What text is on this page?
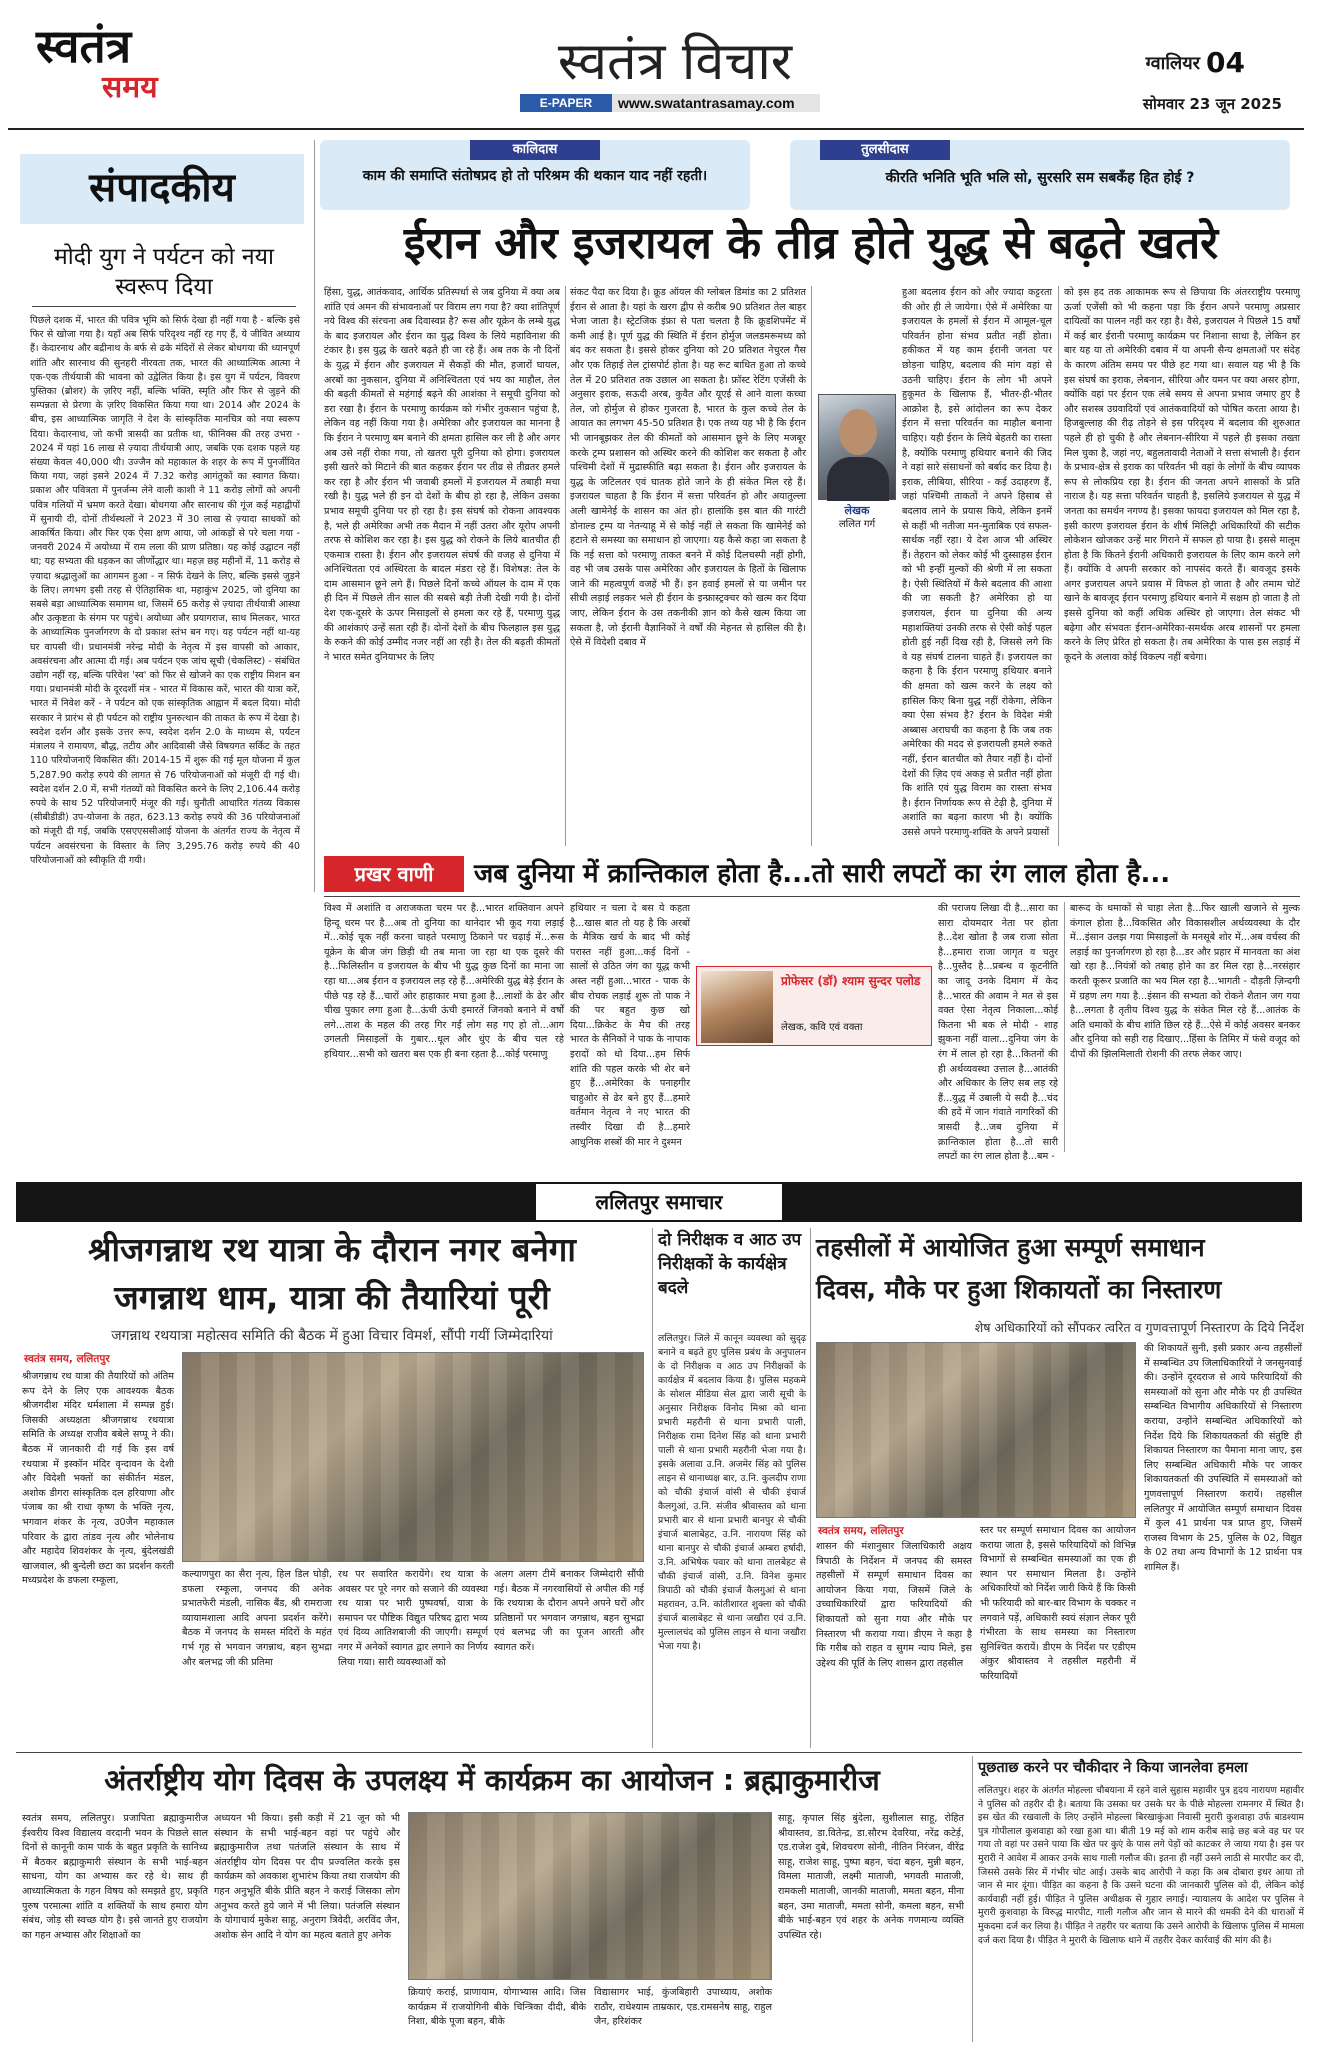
स्वतंत्र
समय	स्वतंत्र विचार
E-PAPER	www.swatantrasamay.com
ग्वालियर 04
सोमवार 23 जून 2025
कालिदास
काम की समाप्ति संतोषप्रद हो तो परिश्रम की थकान याद नहीं रहती।
तुलसीदास
कीरति भनिति भूति भलि सो, सुरसरि सम सबकँह हित होई ?
संपादकीय
मोदी युग ने पर्यटन को नया स्वरूप दिया
पिछले दशक में, भारत की पवित्र भूमि को सिर्फ देखा ही नहीं गया है - बल्कि इसे फिर से खोजा गया है। यहाँ अब सिर्फ परिदृश्य नहीं रह गए हैं, ये जीवित अध्याय हैं। केदारनाथ और बद्रीनाथ के बर्फ से ढके मंदिरों से लेकर बोधगया की ध्यानपूर्ण शांति और सारनाथ की सुनहरी नीरवता तक, भारत की आध्यात्मिक आत्मा ने एक-एक तीर्थयात्री की भावना को उद्वेलित किया है। इस युग में पर्यटन, विवरण पुस्तिका (ब्रोशर) के ज़रिए नहीं, बल्कि भक्ति, स्मृति और फिर से जुड़ने की सम्पन्नता से प्रेरणा के ज़रिए विकसित किया गया था। 2014 और 2024 के बीच, इस आध्यात्मिक जागृति ने देश के सांस्कृतिक मानचित्र को नया स्वरूप दिया। केदारनाथ, जो कभी त्रासदी का प्रतीक था, फीनिक्स की तरह उभरा - 2024 में यहां 16 लाख से ज़्यादा तीर्थयात्री आए, जबकि एक दशक पहले यह संख्या केवल 40,000 थी। उज्जैन को महाकाल के शहर के रूप में पुनर्जीवित किया गया, जहां इसने 2024 में 7.32 करोड़ आगंतुकों का स्वागत किया। प्रकाश और पवित्रता में पुनर्जन्म लेने वाली काशी ने 11 करोड़ लोगों को अपनी पवित्र गलियों में भ्रमण करते देखा। बोधगया और सारनाथ की गूंज कई महाद्वीपों में सुनायी दी, दोनों तीर्थस्थलों ने 2023 में 30 लाख से ज़्यादा साधकों को आकर्षित किया। और फिर एक ऐसा क्षण आया, जो आंकड़ों से परे चला गया - जनवरी 2024 में अयोध्या में राम लला की प्राण प्रतिष्ठा। यह कोई उद्घाटन नहीं था; यह सभ्यता की धड़कन का जीर्णोद्धार था। महज़ छह महीनों में, 11 करोड़ से ज़्यादा श्रद्धालुओं का आगमन हुआ - न सिर्फ देखने के लिए, बल्कि इससे जुड़ने के लिए। लगभग इसी तरह से ऐतिहासिक था, महाकुंभ 2025, जो दुनिया का सबसे बड़ा आध्यात्मिक समागम था, जिसमें 65 करोड़ से ज़्यादा तीर्थयात्री आस्था और उत्कृष्टता के संगम पर पहुंचे। अयोध्या और प्रयागराज, साथ मिलकर, भारत के आध्यात्मिक पुनर्जागरण के दो प्रकाश स्तंभ बन गए। यह पर्यटन नहीं था-यह घर वापसी थी। प्रधानमंत्री नरेन्द्र मोदी के नेतृत्व में इस वापसी को आकार, अवसंरचना और आत्मा दी गई। अब पर्यटन एक जांच सूची (चेकलिस्ट) - संबंधित उद्योग नहीं रह, बल्कि परिवेश 'स्व' को फिर से खोजने का एक राष्ट्रीय मिशन बन गया। प्रधानमंत्री मोदी के दूरदर्शी मंत्र - भारत में विकास करें, भारत की यात्रा करें, भारत में निवेश करें - ने पर्यटन को एक सांस्कृतिक आह्वान में बदल दिया। मोदी सरकार ने प्रारंभ से ही पर्यटन को राष्ट्रीय पुनरुत्थान की ताकत के रूप में देखा है। स्वदेश दर्शन और इसके उत्तर रूप, स्वदेश दर्शन 2.0 के माध्यम से, पर्यटन मंत्रालय ने रामायण, बौद्ध, तटीय और आदिवासी जैसे विषयगत सर्किट के तहत 110 परियोजनाएँ विकसित कीं। 2014-15 में शुरू की गई मूल योजना में कुल 5,287.90 करोड़ रुपये की लागत से 76 परियोजनाओं को मंजूरी दी गई थी। स्वदेश दर्शन 2.0 में, सभी गंतव्यों को विकसित करने के लिए 2,106.44 करोड़ रुपये के साथ 52 परियोजनाएँ मंजूर की गईं। चुनौती आधारित गंतव्य विकास (सीबीडीडी) उप-योजना के तहत, 623.13 करोड़ रुपये की 36 परियोजनाओं को मंजूरी दी गई, जबकि एसएएससीआई योजना के अंतर्गत राज्य के नेतृत्व में पर्यटन अवसंरचना के विस्तार के लिए 3,295.76 करोड़ रुपये की 40 परियोजनाओं को स्वीकृति दी गयी।
ईरान और इजरायल के तीव्र होते युद्ध से बढ़ते खतरे
हिंसा, युद्ध, आतंकवाद, आर्थिक प्रतिस्पर्धा से जब दुनिया में क्या अब शांति एवं अमन की संभावनाओं पर विराम लग गया है? क्या शांतिपूर्ण नये विश्व की संरचना अब दिवास्वप्न है? रूस और यूक्रेन के लम्बे युद्ध के बाद इजरायल और ईरान का युद्ध विश्व के लिये महाविनाश की टंकार है। इस युद्ध के खतरे बढ़ते ही जा रहे हैं। अब तक के नौ दिनों के युद्ध में ईरान और इजरायल में सैकड़ों की मौत, हजारों घायल, अरबों का नुकसान, दुनिया में अनिश्चितता एवं भय का माहौल, तेल की बढ़ती कीमतों से महंगाई बढ़ने की आशंका ने समूची दुनिया को डरा रखा है। ईरान के परमाणु कार्यक्रम को गंभीर नुकसान पहुंचा है, लेकिन वह नहीं किया गया है। अमेरिका और इजरायल का मानना है कि ईरान ने परमाणु बम बनाने की क्षमता हासिल कर ली है और अगर अब उसे नहीं रोका गया, तो खतरा पूरी दुनिया को होगा। इजरायल इसी खतरे को मिटाने की बात कहकर ईरान पर तीव्र से तीव्रतर हमले कर रहा है और ईरान भी जवाबी हमलों में इजरायल में तबाही मचा रखी है। युद्ध भले ही इन दो देशों के बीच हो रहा है, लेकिन उसका प्रभाव समूची दुनिया पर हो रहा है। इस संघर्ष को रोकना आवश्यक है, भले ही अमेरिका अभी तक मैदान में नहीं उतरा और यूरोप अपनी तरफ से कोशिश कर रहा है। इस युद्ध को रोकने के लिये बातचीत ही एकमात्र रास्ता है। ईरान और इजरायल संघर्ष की वजह से दुनिया में अनिश्चितता एवं अस्थिरता के बादल मंडरा रहे हैं। विशेषज्ञ: तेल के दाम आसमान छूने लगे हैं। पिछले दिनों कच्चे ऑयल के दाम में एक ही दिन में पिछले तीन साल की सबसे बड़ी तेजी देखी गयी है। दोनों देश एक-दूसरे के ऊपर मिसाइलों से हमला कर रहे हैं, परमाणु युद्ध की आशंकाएं उन्हें सता रही हैं। दोनों देशों के बीच फिलहाल इस युद्ध के रुकने की कोई उम्मीद नजर नहीं आ रही है। तेल की बढ़ती कीमतों ने भारत समेत दुनियाभर के लिए
संकट पैदा कर दिया है। क्रूड ऑयल की ग्लोबल डिमांड का 2 प्रतिशत ईरान से आता है। यहां के खरग द्वीप से करीब 90 प्रतिशत तेल बाहर भेजा जाता है। स्ट्रेटजिक इंफ्रा से पता चलता है कि क्रूडशिपमेंट में कमी आई है। पूर्ण युद्ध की स्थिति में ईरान होर्मुज जलडमरूमध्य को बंद कर सकता है। इससे होकर दुनिया को 20 प्रतिशत नेचुरल गैस और एक तिहाई तेल ट्रांसपोर्ट होता है। यह रूट बाधित हुआ तो कच्चे तेल में 20 प्रतिशत तक उछाल आ सकता है। फ्रॉस्ट रेटिंग एजेंसी के अनुसार इराक, सऊदी अरब, कुवैत और यूएई से आने वाला कच्चा तेल, जो होर्मुज से होकर गुजरता है, भारत के कुल कच्चे तेल के आयात का लगभग 45-50 प्रतिशत है। एक तथ्य यह भी है कि ईरान भी जानबूझकर तेल की कीमतों को आसमान छूने के लिए मजबूर करके ट्रम्प प्रशासन को अस्थिर करने की कोशिश कर सकता है और पश्चिमी देशों में मुद्रास्फीति बढ़ा सकता है। ईरान और इजरायल के युद्ध के जटिलतर एवं घातक होते जाने के ही संकेत मिल रहे हैं। इजरायल चाहता है कि ईरान में सत्ता परिवर्तन हो और अयातुल्ला अली खामेनेई के शासन का अंत हो। हालांकि इस बात की गारंटी डोनाल्ड ट्रम्प या नेतन्याहू में से कोई नहीं ले सकता कि खामेनेई को हटाने से समस्या का समाधान हो जाएगा। यह कैसे कहा जा सकता है कि नई सत्ता को परमाणु ताकत बनने में कोई दिलचस्पी नहीं होगी, वह भी जब उसके पास अमेरिका और इजरायल के हितों के खिलाफ जाने की महत्वपूर्ण वजहें भी हैं। इन हवाई हमलों से या जमीन पर सीधी लड़ाई लड़कर भले ही ईरान के इन्फ्रास्ट्रक्चर को खत्म कर दिया जाए, लेकिन ईरान के उस तकनीकी ज्ञान को कैसे खत्म किया जा सकता है, जो ईरानी वैज्ञानिकों ने वर्षों की मेहनत से हासिल की है। ऐसे में विदेशी दबाव में
लेखक
ललित गर्ग
हुआ बदलाव ईरान को और ज्यादा कट्टरता की ओर ही ले जायेगा। ऐसे में अमेरिका या इजरायल के हमलों से ईरान में आमूल-चूल परिवर्तन होना संभव प्रतीत नहीं होता। हकीकत में यह काम ईरानी जनता पर छोड़ना चाहिए, बदलाव की मांग वहां से उठनी चाहिए। ईरान के लोग भी अपने हुकूमत के खिलाफ हैं, भीतर-ही-भीतर आक्रोश है, इसे आंदोलन का रूप देकर ईरान में सत्ता परिवर्तन का माहौल बनाना चाहिए। यही ईरान के लिये बेहतरी का रास्ता है, क्योंकि परमाणु हथियार बनाने की जिद ने वहां सारे संसाधनों को बर्बाद कर दिया है। इराक, लीबिया, सीरिया - कई उदाहरण हैं, जहां पश्चिमी ताकतों ने अपने हिसाब से बदलाव लाने के प्रयास किये, लेकिन इनमें से कहीं भी नतीजा मन-मुताबिक एवं सफल-सार्थक नहीं रहा। ये देश आज भी अस्थिर हैं। तेहरान को लेकर कोई भी दुस्साहस ईरान को भी इन्हीं मुल्कों की श्रेणी में ला सकता है। ऐसी स्थितियों में कैसे बदलाव की आशा की जा सकती है? अमेरिका हो या इजरायल, ईरान या दुनिया की अन्य महाशक्तियां उनकी तरफ से ऐसी कोई पहल होती हुई नहीं दिख रही है, जिससे लगे कि वे यह संघर्ष टालना चाहते हैं। इजरायल का कहना है कि ईरान परमाणु हथियार बनाने की क्षमता को खत्म करने के लक्ष्य को हासिल किए बिना युद्ध नहीं रोकेगा, लेकिन क्या ऐसा संभव है? ईरान के विदेश मंत्री अब्बास अराघची का कहना है कि जब तक अमेरिका की मदद से इजरायली हमले रुकते नहीं, ईरान बातचीत को तैयार नहीं है। दोनों देशों की ज़िद एवं अकड़ से प्रतीत नहीं होता कि शांति एवं युद्ध विराम का रास्ता संभव है। ईरान निर्णायक रूप से टेढ़ी है, दुनिया में अशांति का बढ़ना कारण भी है। क्योंकि उससे अपने परमाणु-शक्ति के अपने प्रयासों
को इस हद तक आकामक रूप से छिपाया कि अंतरराष्ट्रीय परमाणु ऊर्जा एजेंसी को भी कहना पड़ा कि ईरान अपने परमाणु अप्रसार दायित्वों का पालन नहीं कर रहा है। वैसे, इजरायल ने पिछले 15 वर्षों में कई बार ईरानी परमाणु कार्यक्रम पर निशाना साधा है, लेकिन हर बार यह या तो अमेरिकी दबाव में या अपनी सैन्य क्षमताओं पर संदेह के कारण अंतिम समय पर पीछे हट गया था। सवाल यह भी है कि इस संघर्ष का इराक, लेबनान, सीरिया और यमन पर क्या असर होगा, क्योंकि वहां पर ईरान एक लंबे समय से अपना प्रभाव जमाए हुए है और सशस्त्र उग्रवादियों एवं आतंकवादियों को पोषित करता आया है। हिजबुल्लाह की रीढ़ तोड़ने से इस परिदृश्य में बदलाव की शुरुआत पहले ही हो चुकी है और लेबनान-सीरिया में पहले ही इसका तख्ता मिल चुका है, जहां नए, बहुलतावादी नेताओं ने सत्ता संभाली है। ईरान के प्रभाव-क्षेत्र से इराक का परिवर्तन भी वहां के लोगों के बीच व्यापक रूप से लोकप्रिय रहा है। ईरान की जनता अपने शासकों के प्रति नाराज है। यह सत्ता परिवर्तन चाहती है, इसलिये इजरायल से युद्ध में जनता का समर्थन नगण्य है। इसका फायदा इजरायल को मिल रहा है, इसी कारण इजरायल ईरान के शीर्ष मिलिट्री अधिकारियों की सटीक लोकेशन खोजकर उन्हें मार गिराने में सफल हो पाया है। इससे मालूम होता है कि कितने ईरानी अधिकारी इजरायल के लिए काम करने लगे हैं। क्योंकि वे अपनी सरकार को नापसंद करते हैं। बावजूद इसके अगर इजरायल अपने प्रयास में विफल हो जाता है और तमाम चोटें खाने के बावजूद ईरान परमाणु हथियार बनाने में सक्षम हो जाता है तो इससे दुनिया को कहीं अधिक अस्थिर हो जाएगा। तेल संकट भी बढ़ेगा और संभवतः ईरान-अमेरिका-समर्थक अरब शासनों पर हमला करने के लिए प्रेरित हो सकता है। तब अमेरिका के पास इस लड़ाई में कूदने के अलावा कोई विकल्प नहीं बचेगा।
प्रखर वाणी	जब दुनिया में क्रान्तिकाल होता है...तो सारी लपटों का रंग लाल होता है...
विश्व में अशांति व अराजकता चरम पर है...भारत शक्तिवान अपने हिन्दू धरम पर है...अब तो दुनिया का थानेदार भी कूद गया लड़ाई में...कोई चूक नहीं करना चाहते परमाणु ठिकाने पर चढ़ाई में...रूस यूक्रेन के बीज जंग छिड़ी थी तब माना जा रहा था एक दूसरे की है...फिलिस्तीन व इजरायल के बीच भी युद्ध कुछ दिनों का माना जा रहा था...अब ईरान व इजरायल लड़ रहे हैं...अमेरिकी युद्ध बेड़े ईरान के पीछे पड़ रहे हैं...चारों ओर हाहाकार मचा हुआ है...लाशों के ढेर और चीख पुकार लगा हुआ है...ऊंची ऊंची इमारतें जिनको बनाने में वर्षों लगे...ताश के महल की तरह गिर गईं लोग सह गए हो तो...आग उगलती मिसाइलों के गुबार...धूल और धुंए के बीच चल रहे हथियार...सभी को खतरा बस एक ही बना रहता है...कोई परमाणु
हथियार न चला दे बस ये कहता है...खास बात तो यह है कि अरबों के मैत्रिक खर्च के बाद भी कोई परास्त नहीं हुआ...कई दिनों - सालों से उठित जंग का यूद्ध कभी अस्त नहीं हुआ...भारत - पाक के बीच रोचक लड़ाई शुरू तो पाक ने की पर बहुत कुछ खो दिया...क्रिकेट के मैच की तरह भारत के सैनिकों ने पाक के नापाक इरादों को धो दिया...हम सिर्फ शांति की पहल करके भी शेर बने हुए हैं...अमेरिका के पनाहगीर चाहुओर से ढेर बने हुए हैं...हमारे वर्तमान नेतृत्व ने नए भारत की तस्वीर दिखा दी है...हमारे आधुनिक शस्त्रों की मार ने दुश्मन
प्रोफेसर (डॉ) श्याम सुन्दर पलोड
लेखक, कवि एवं वक्ता
की पराजय लिखा दी है...सारा का सारा दोयमदार नेता पर होता है...देश खोता है जब राजा सोता है...हमारा राजा जागृत व चतुर है...पुस्तैद है...प्रबन्ध व कूटनीति का जादू उनके दिमाग में केद है...भारत की अवाम ने मत से इस वक्त ऐसा नेतृत्व निकाला...कोई कितना भी बक ले मोदी - शाह झुकना नहीं वाला...दुनिया जंग के रंग में लाल हो रहा है...कितनों की ही अर्थव्यवस्था उत्ताल है...आतंकी और अधिकार के लिए सब लड़ रहे हैं...युद्ध में उबाली ये सदी है...चंद की हदें में जान गंवाते नागरिकों की त्रासदी है...जब दुनिया में क्रान्तिकाल होता है...तो सारी लपटों का रंग लाल होता है...बम -
बारूद के धमाकों से चाहा लेता है...फिर खाली खजाने से मुल्क कंगाल होता है...विकसित और विकासशील अर्थव्यवस्था के दौर में...इंसान उलझ गया मिसाइलों के मनसूबे शोर में...अब वर्चस्व की लड़ाई का पुनर्जागरण हो रहा है...डर और प्रहार में मानवता का अंश खो रहा है...नियंत्रों को तबाह होने का डर मिल रहा है...नरसंहार करती कूरूर प्रजाति का भय मिल रहा है...भागती - दौड़ती ज़िन्दगी में ग्रहण लग गया है...इंसान की सभ्यता को रोकने शैतान जग गया है...लगता है तृतीय विश्व युद्ध के संकेत मिल रहे हैं...आतंक के अति धमाकों के बीच शांति छिल रहे हैं...ऐसे में कोई अवसर बनकर और दुनिया को सही राह दिखाए...हिंसा के तिमिर में फंसे वजूद को दीपों की झिलमिलाती रोशनी की तरफ लेकर जाए।
ललितपुर समाचार
श्रीजगन्नाथ रथ यात्रा के दौरान नगर बनेगा
जगन्नाथ धाम, यात्रा की तैयारियां पूरी
जगन्नाथ रथयात्रा महोत्सव समिति की बैठक में हुआ विचार विमर्श, सौंपी गयीं जिम्मेदारियां
स्वतंत्र समय, ललितपुर
श्रीजगन्नाथ रथ यात्रा की तैयारियों को अंतिम रूप देने के लिए एक आवश्यक बैठक श्रीजगदीश मंदिर धर्मशाला में सम्पन्न हुई। जिसकी अध्यक्षता श्रीजगन्नाथ रथयात्रा समिति के अध्यक्ष राजीव बबेले सप्पू ने की। बैठक में जानकारी दी गई कि इस वर्ष रथयात्रा में इस्कॉन मंदिर वृन्दावन के देशी और विदेशी भक्तों का संकीर्तन मंडल, अशोक डीगरा सांस्कृतिक दल हरियाणा और पंजाब का श्री राधा कृष्ण के भक्ति नृत्य, भगवान शंकर के नृत्य, उ0जैन महाकाल परिवार के द्वारा तांडव नृत्य और भोलेनाथ और महादेव शिवशंकर के नृत्य, बुंदेलखंडी खाजवाल, श्री बुन्देली छटा का प्रदर्शन करती मध्यप्रदेश के डफला रम्कूला,
कल्याणपुरा का सैरा नृत्य, हिल डिल घोड़ी, डफला रम्कूला, जनपद की अनेक प्रभातफेरी मंडली, नासिक बैंड, श्री रामराजा व्यायामशाला आदि अपना प्रदर्शन करेंगे। बैठक में जनपद के समस्त मंदिरों के महंत गर्भ गृह से भगवान जगन्नाथ, बहन सुभद्रा और बलभद्र जी की प्रतिमा
रथ पर सवारित करायेंगे। रथ यात्रा के अवसर पर पूरे नगर को सजाने की व्यवस्था रथ यात्रा पर भारी पुष्पवर्षा, यात्रा के समापन पर पौष्टिक विद्युत परिषद द्वारा भव्य एवं दिव्य आतिशबाजी की जाएगी। सम्पूर्ण नगर में अनेकों स्वागत द्वार लगाने का निर्णय लिया गया। सारी व्यवस्थाओं को
अलग अलग टीमें बनाकर जिम्मेदारी सौंपी गई। बैठक में नगरवासियों से अपील की गई कि रथयात्रा के दौरान अपने अपने घरों और प्रतिष्ठानों पर भगवान जगन्नाथ, बहन सुभद्रा एवं बलभद्र जी का पूजन आरती और स्वागत करें।
दो निरीक्षक व आठ उप निरीक्षकों के कार्यक्षेत्र बदले
ललितपुर। जिले में कानून व्यवस्था को सुदृढ़ बनाने व बढ़ते हुए पुलिस प्रबंध के अनुपालन के दो निरीक्षक व आठ उप निरीक्षकों के कार्यक्षेत्र में बदलाव किया है। पुलिस महकमे के सोशल मीडिया सेल द्वारा जारी सूची के अनुसार निरीक्षक विनोद मिश्रा को थाना प्रभारी महरौनी से थाना प्रभारी पाली, निरीक्षक रामा दिनेश सिंह को थाना प्रभारी पाली से थाना प्रभारी महरौनी भेजा गया है। इसके अलावा उ.नि. अजमेर सिंह को पुलिस लाइन से थानाध्यक्ष बार, उ.नि. कुलदीप राणा को चौकी इंचार्ज वांसी से चौकी इंचार्ज कैलगुआं, उ.नि. संजीव श्रीवास्तव को थाना प्रभारी बार से थाना प्रभारी बानपुर से चौकी इंचार्ज बालाबेहट, उ.नि. नारायण सिंह को थाना बानपुर से चौकी इंचार्ज अम्बरा हर्षादी, उ.नि. अभिषेक पवार को थाना तालबेहट से चौकी इंचार्ज वांसी, उ.नि. विनेश कुमार त्रिपाठी को चौकी इंचार्ज कैलगुआं से थाना महरावन, उ.नि. कांतीशारत शुक्ला को चौकी इंचार्ज बालाबेहट से थाना जखौरा एवं उ.नि. मुल्लालचंद को पुलिस लाइन से थाना जखौरा भेजा गया है।
तहसीलों में आयोजित हुआ सम्पूर्ण समाधान
दिवस, मौके पर हुआ शिकायतों का निस्तारण
शेष अधिकारियों को सौंपकर त्वरित व गुणवत्तापूर्ण निस्तारण के दिये निर्देश
स्वतंत्र समय, ललितपुर
शासन की मंशानुसार जिलाधिकारी अक्षय त्रिपाठी के निर्देशन में जनपद की समस्त तहसीलों में सम्पूर्ण समाधान दिवस का आयोजन किया गया, जिसमें जिले के उच्चाधिकारियों द्वारा फरियादियों की शिकायतों को सुना गया और मौके पर निस्तारण भी कराया गया। डीएम ने कहा है कि गरीब को राहत व सुगम न्याय मिले, इस उद्देश्य की पूर्ति के लिए शासन द्वारा तहसील
स्तर पर सम्पूर्ण समाधान दिवस का आयोजन कराया जाता है, इससे फरियादियों को विभिन्न विभागों से सम्बन्धित समस्याओं का एक ही स्थान पर समाधान मिलता है। उन्होंने अधिकारियों को निर्देश जारी किये हैं कि किसी भी फरियादी को बार-बार विभाग के चक्कर न लगवाने पड़ें, अधिकारी स्वयं संज्ञान लेकर पूरी गंभीरता के साथ समस्या का निस्तारण सुनिश्चित करायें। डीएम के निर्देश पर एडीएम अंकुर श्रीवास्तव ने तहसील महरौनी में फरियादियों
की शिकायतें सुनी, इसी प्रकार अन्य तहसीलों में सम्बन्धित उप जिलाधिकारियों ने जनसुनवाई की। उन्होंने दूरदराज से आये फरियादियों की समस्याओं को सुना और मौके पर ही उपस्थित सम्बन्धित विभागीय अधिकारियों से निस्तारण कराया, उन्होंने सम्बन्धित अधिकारियों को निर्देश दिये कि शिकायतकर्ता की संतुष्टि ही शिकायत निस्तारण का पैमाना माना जाए, इस लिए सम्बन्धित अधिकारी मौके पर जाकर शिकायतकर्ता की उपस्थिति में समस्याओं को गुणवत्तापूर्ण निस्तारण करायें। तहसील ललितपुर में आयोजित सम्पूर्ण समाधान दिवस में कुल 41 प्रार्थना पत्र प्राप्त हुए, जिसमें राजस्व विभाग के 25, पुलिस के 02, विद्युत के 02 तथा अन्य विभागों के 12 प्रार्थना पत्र शामिल हैं।
अंतर्राष्ट्रीय योग दिवस के उपलक्ष्य में कार्यक्रम का आयोजन : ब्रह्माकुमारीज
स्वतंत्र समय, ललितपुर। प्रजापिता ब्रह्माकुमारीज ईश्वरीय विश्व विद्यालय वरदानी भवन के पिछले साल दिनों से कानूनी काम पार्क के बहुत प्रकृति के सानिध्य में बैठकर ब्रह्माकुमारी संस्थान के सभी भाई-बहन साधना, योग का अभ्यास कर रहे थे। साथ ही आध्यात्मिकता के गहन विषय को समझते हुए, प्रकृति पुरुष परमात्मा शांति व शक्तियों के साथ हमारा योग संबंध, जोड़ सी स्वच्छ योग है। इसे जानते हुए राजयोग का गहन अभ्यास और शिक्षाओं का
अध्ययन भी किया। इसी कड़ी में 21 जून को भी संस्थान के सभी भाई-बहन वहां पर पहुंचे और ब्रह्माकुमारीज तथा पतंजलि संस्थान के साथ में अंतर्राष्ट्रीय योग दिवस पर दीप प्रज्वलित करके इस कार्यक्रम को अवकाश शुभारंभ किया तथा राजयोग की गहन अनुभूति बीके प्रीति बहन ने कराई जिसका लोग अनुभव करते हुये जाने में भी लिया। पतंजलि संस्थान के योगाचार्य मुकेश साहू, अनुराग त्रिवेदी, अरविंद जैन, अशोक सेन आदि ने योग का महत्व बताते हुए अनेक
क्रियाएं कराई, प्राणायाम, योगाभ्यास आदि। जिस कार्यक्रम में राजयोगिनी बीके चिन्त्रिका दीदी, बीके निशा, बीके पूजा बहन, बीके
विद्यासागर भाई, कुंजबिहारी उपाध्याय, अशोक राठौर, राधेश्याम ताम्रकार, एड.रामसनेष साहू, राहुल जैन, हरिशंकर
साहू, कृपाल सिंह बुंदेला, सुशीलाल साहू, रोहित श्रीवास्तव, डा.वितेन्द्र, डा.सौरभ देवरिया, नरेंद्र कटेर्ड़, एड.राजेश दुबे, शिवचरण सोनी, नीतिन निरंजन, वीरेंद्र साहू, राजेश साहू, पुष्पा बहन, चंदा बहन, मुन्नी बहन, विमला माताजी, लक्ष्मी माताजी, भगवती माताजी, रामकली माताजी, जानकी माताजी, ममता बहन, मीना बहन, उमा माताजी, ममता सोनी, कमला बहन, सभी बीके भाई-बहन एवं शहर के अनेक गणमान्य व्यक्ति उपस्थित रहे।
पूछताछ करने पर चौकीदार ने किया जानलेवा हमला
ललितपुर। शहर के अंतर्गत मोहल्ला चौबयाना में रहने वाले सुहास महावीर पुत्र हृदय नारायण महावीर ने पुलिस को तहरीर दी है। बताया कि उसका घर उसके घर के पीछे मोहल्ला रामनगर में स्थित है। इस खेत की रखवाली के लिए उन्होंने मोहल्ला बिरखाकुंआ निवासी मुरारी कुशवाहा उर्फ बाडश्याम पुत्र गोपीलाल कुशवाहा को रखा हुआ था। बीती 19 मई को शाम करीब साढ़े छह बजे वह घर पर गया तो वहां पर उसने पाया कि खेत पर कुएं के पास लगे पेड़ों को काटकर ले जाया गया है। इस पर मुरारी ने आवेश में आकर उनके साथ गाली गलौज की। इतना ही नहीं उसने लाठी से मारपीट कर दी, जिससे उसके सिर में गंभीर चोट आई। उसके बाद आरोपी ने कहा कि अब दोबारा इधर आया तो जान से मार दूंगा। पीड़ित का कहना है कि उसने घटना की जानकारी पुलिस को दी, लेकिन कोई कार्यवाही नहीं हुई। पीड़ित ने पुलिस अधीक्षक से गुहार लगाई। न्यायालय के आदेश पर पुलिस ने मुरारी कुशवाहा के विरुद्ध मारपीट, गाली गलौज और जान से मारने की धमकी देने की धाराओं में मुकदमा दर्ज कर लिया है। पीड़ित ने तहरीर पर बताया कि उसने आरोपी के खिलाफ पुलिस में मामला दर्ज करा दिया है। पीड़ित ने मुरारी के खिलाफ थाने में तहरीर देकर कार्रवाई की मांग की है।
